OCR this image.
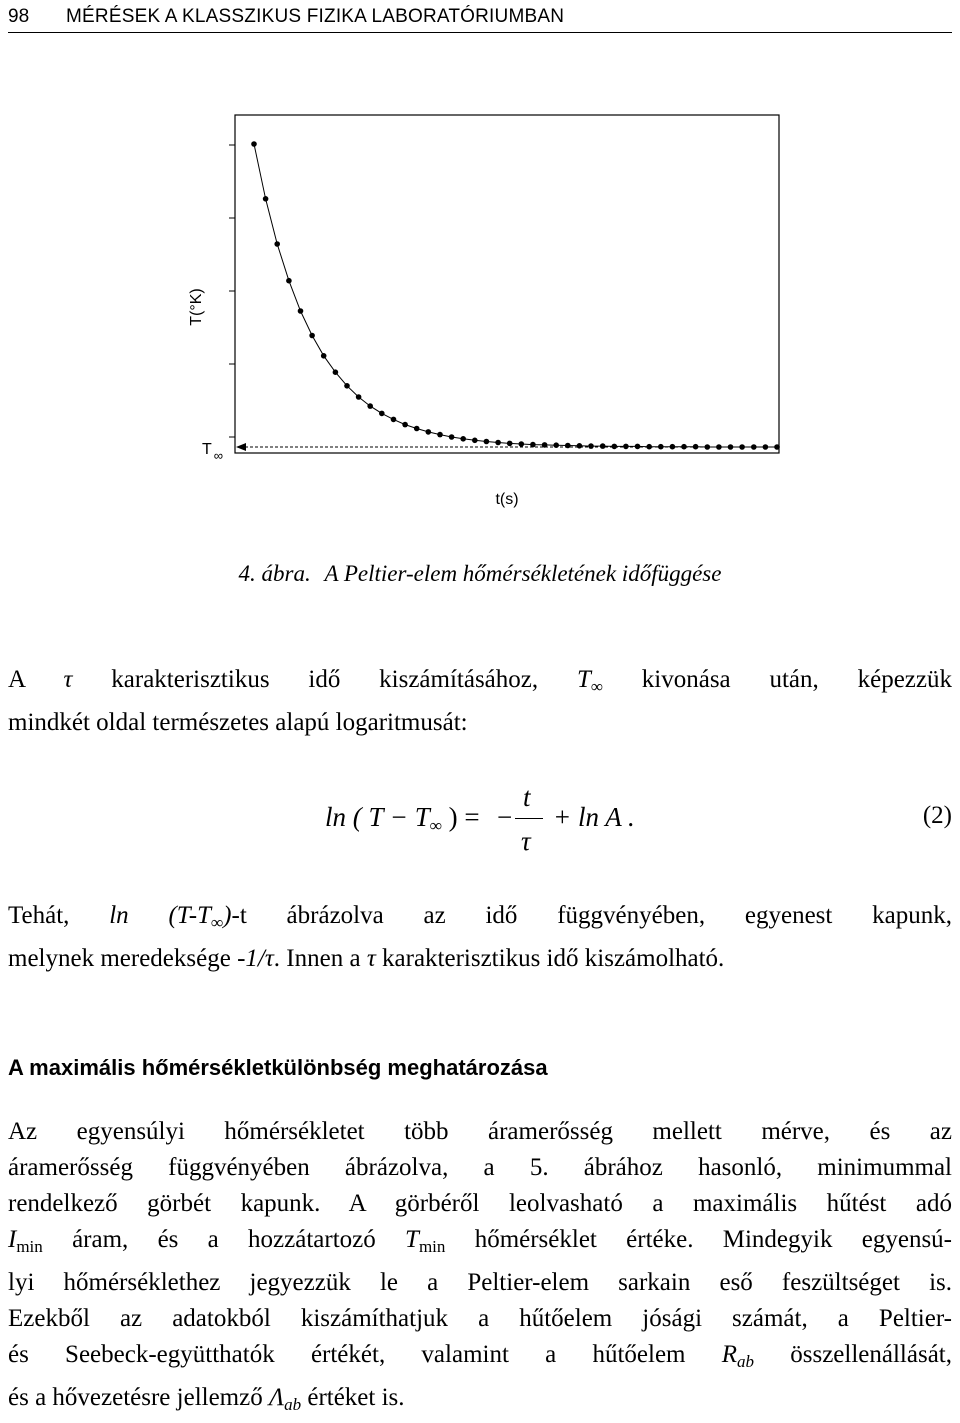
98 MÉRÉSEK A KLASSZIKUS FIZIKA LABORATÓRIUMBAN
T(°K)
T $_\infty$
t(s)
4. ábra. A Peltier-elem hőmérsékletének időfüggése
A τ karakterisztikus idő kiszámításához, $T_\infty$ kivonása után, képezzük
mindkét oldal természetes alapú logaritmusát:
ln ( $T - T_\infty$ ) = −
t
τ
+ ln A .	(2)
Tehát, $\ln (T-T_\infty)-t$ ábrázolva az idő függvényében, egyenest kapunk,
melynek meredeksége -1/τ. Innen a τ karakterisztikus idő kiszámolható.
A maximális hőmérsékletkülönbség meghatározása
Az egyensúlyi hőmérsékletet több áramerősség mellett mérve, és az
áramerősség függvényében ábrázolva, a 5. ábrához hasonló, minimummal
rendelkező görbét kapunk. A görbéről leolvasható a maximális hűtést adó
$I_{min}$ áram, és a hozzátartozó $T_{min}$ hőmérséklet értéke. Mindegyik egyensú-
lyi hőmérséklethez jegyezzük le a Peltier-elem sarkain eső feszültséget is.
Ezekből az adatokból kiszámíthatjuk a hűtőelem jósági számát, a Peltier-
és Seebeck-együtthatók értékét, valamint a hűtőelem $R_{ab}$ összellenállását,
és a hővezetésre jellemző $\Lambda_{ab}$ értéket is.
